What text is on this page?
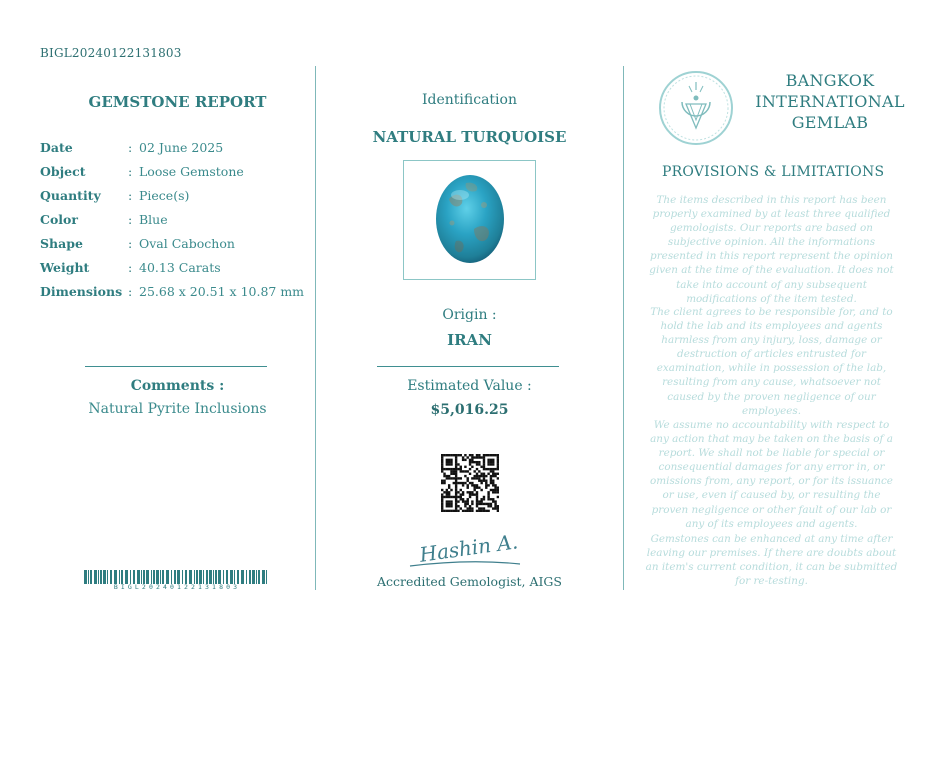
BIGL20240122131803
GEMSTONE REPORT
Date	: 02 June 2025
Object	: Loose Gemstone
Quantity : Piece(s)
Color	: Blue
Shape	: Oval Cabochon
Weight	: 40.13 Carats
Dimensions : 25.68 x 20.51 x 10.87 mm
Comments :
Natural Pyrite Inclusions
BIGL20240122131803
Identification
NATURAL TURQUOISE
Origin :
IRAN
Estimated Value :
$5,016.25
Hashin A.
Accredited Gemologist, AIGS
BANGKOK
INTERNATIONAL
GEMLAB
PROVISIONS & LIMITATIONS
The items described in this report has been properly examined by at least three qualified gemologists. Our reports are based on subjective opinion. All the informations presented in this report represent the opinion given at the time of the evaluation. It does not take into account of any subsequent modifications of the item tested.
The client agrees to be responsible for, and to hold the lab and its employees and agents harmless from any injury, loss, damage or destruction of articles entrusted for examination, while in possession of the lab, resulting from any cause, whatsoever not caused by the proven negligence of our employees.
We assume no accountability with respect to any action that may be taken on the basis of a report. We shall not be liable for special or consequential damages for any error in, or omissions from, any report, or for its issuance or use, even if caused by, or resulting the proven negligence or other fault of our lab or any of its employees and agents.
Gemstones can be enhanced at any time after leaving our premises. If there are doubts about an item's current condition, it can be submitted for re-testing.
